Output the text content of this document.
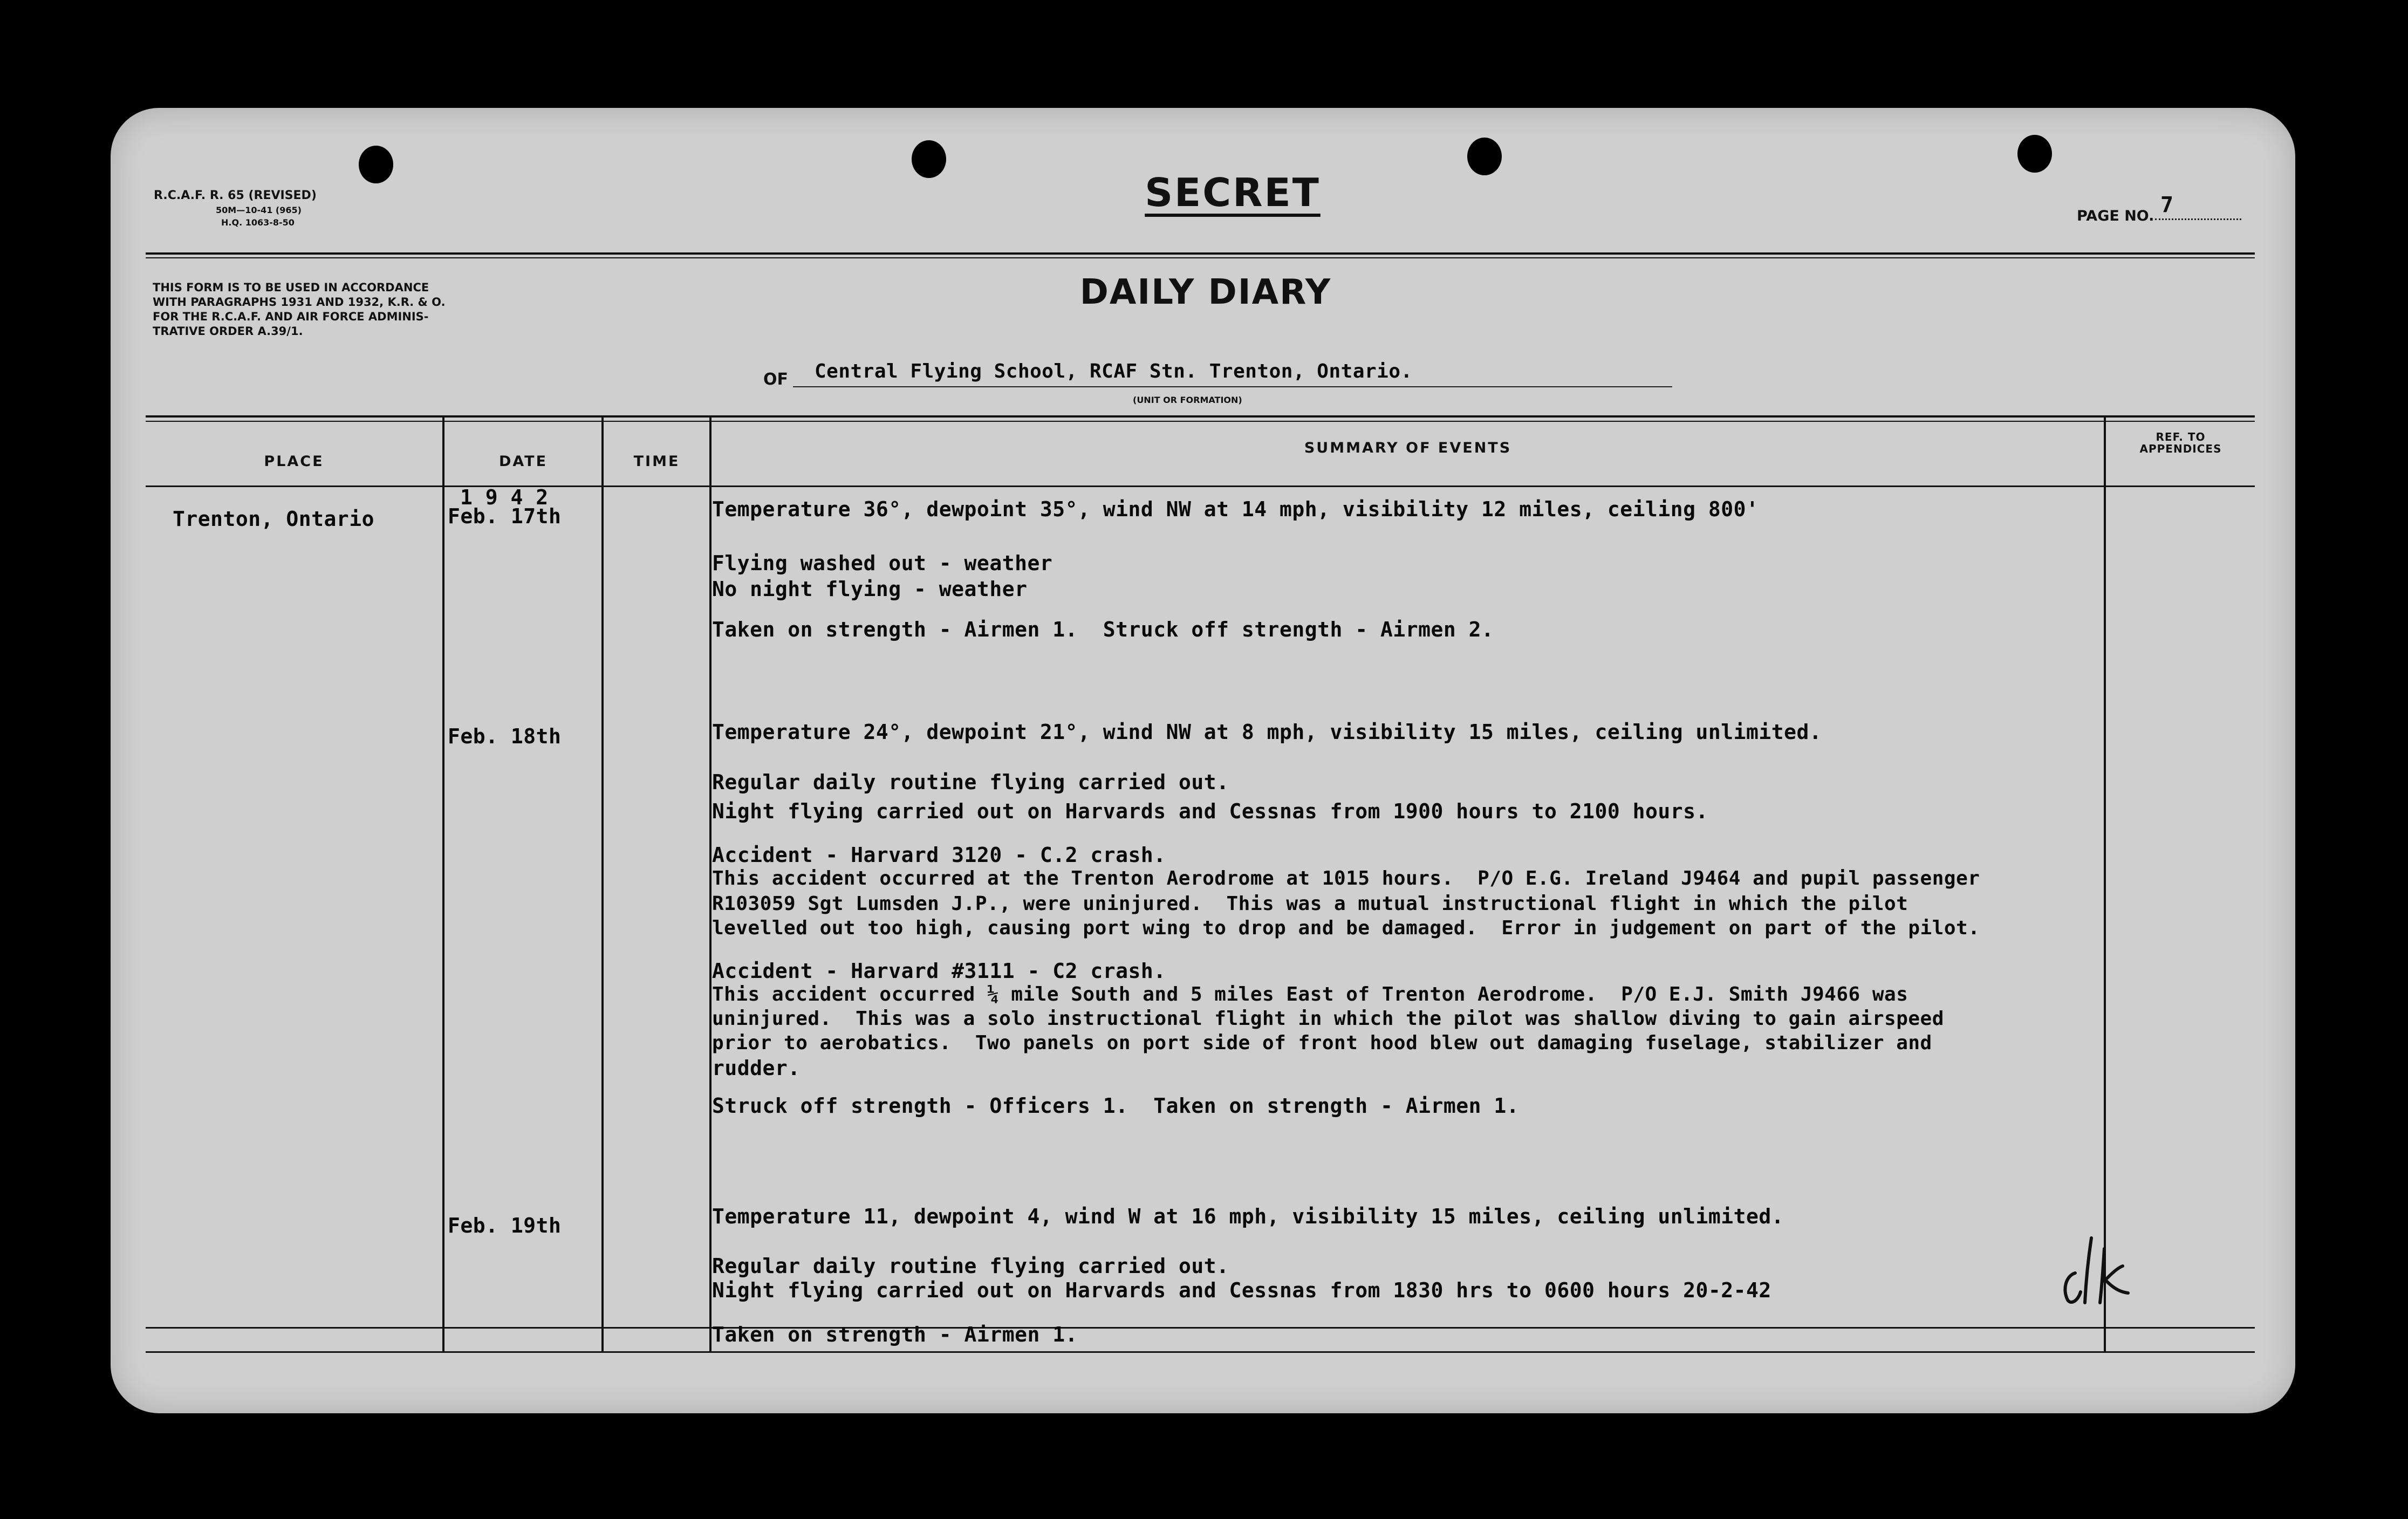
R.C.A.F. R. 65 (REVISED)
50M—10-41 (965)
H.Q. 1063-8-50
SECRET
PAGE NO. 7
THIS FORM IS TO BE USED IN ACCORDANCE
WITH PARAGRAPHS 1931 AND 1932, K.R. & O.
FOR THE R.C.A.F. AND AIR FORCE ADMINIS-
TRATIVE ORDER A.39/1.
DAILY DIARY
OF Central Flying School, RCAF Stn. Trenton, Ontario.
(UNIT OR FORMATION)
PLACE	DATE	TIME
SUMMARY OF EVENTS
REF. TO
APPENDICES
Trenton, Ontario
1 9 4 2
Feb. 17th
Feb. 18th
Feb. 19th
Temperature 36°, dewpoint 35°, wind NW at 14 mph, visibility 12 miles, ceiling 800'
Flying washed out - weather
No night flying - weather
Taken on strength - Airmen 1.  Struck off strength - Airmen 2.
Temperature 24°, dewpoint 21°, wind NW at 8 mph, visibility 15 miles, ceiling unlimited.
Regular daily routine flying carried out.
Night flying carried out on Harvards and Cessnas from 1900 hours to 2100 hours.
Accident - Harvard 3120 - C.2 crash.
This accident occurred at the Trenton Aerodrome at 1015 hours.  P/O E.G. Ireland J9464 and pupil passenger
R103059 Sgt Lumsden J.P., were uninjured.  This was a mutual instructional flight in which the pilot
levelled out too high, causing port wing to drop and be damaged.  Error in judgement on part of the pilot.
Accident - Harvard #3111 - C2 crash.
This accident occurred ¼ mile South and 5 miles East of Trenton Aerodrome.  P/O E.J. Smith J9466 was
uninjured.  This was a solo instructional flight in which the pilot was shallow diving to gain airspeed
prior to aerobatics.  Two panels on port side of front hood blew out damaging fuselage, stabilizer and
rudder.
Struck off strength - Officers 1.  Taken on strength - Airmen 1.
Temperature 11, dewpoint 4, wind W at 16 mph, visibility 15 miles, ceiling unlimited.
Regular daily routine flying carried out.
Night flying carried out on Harvards and Cessnas from 1830 hrs to 0600 hours 20-2-42
Taken on strength - Airmen 1.
